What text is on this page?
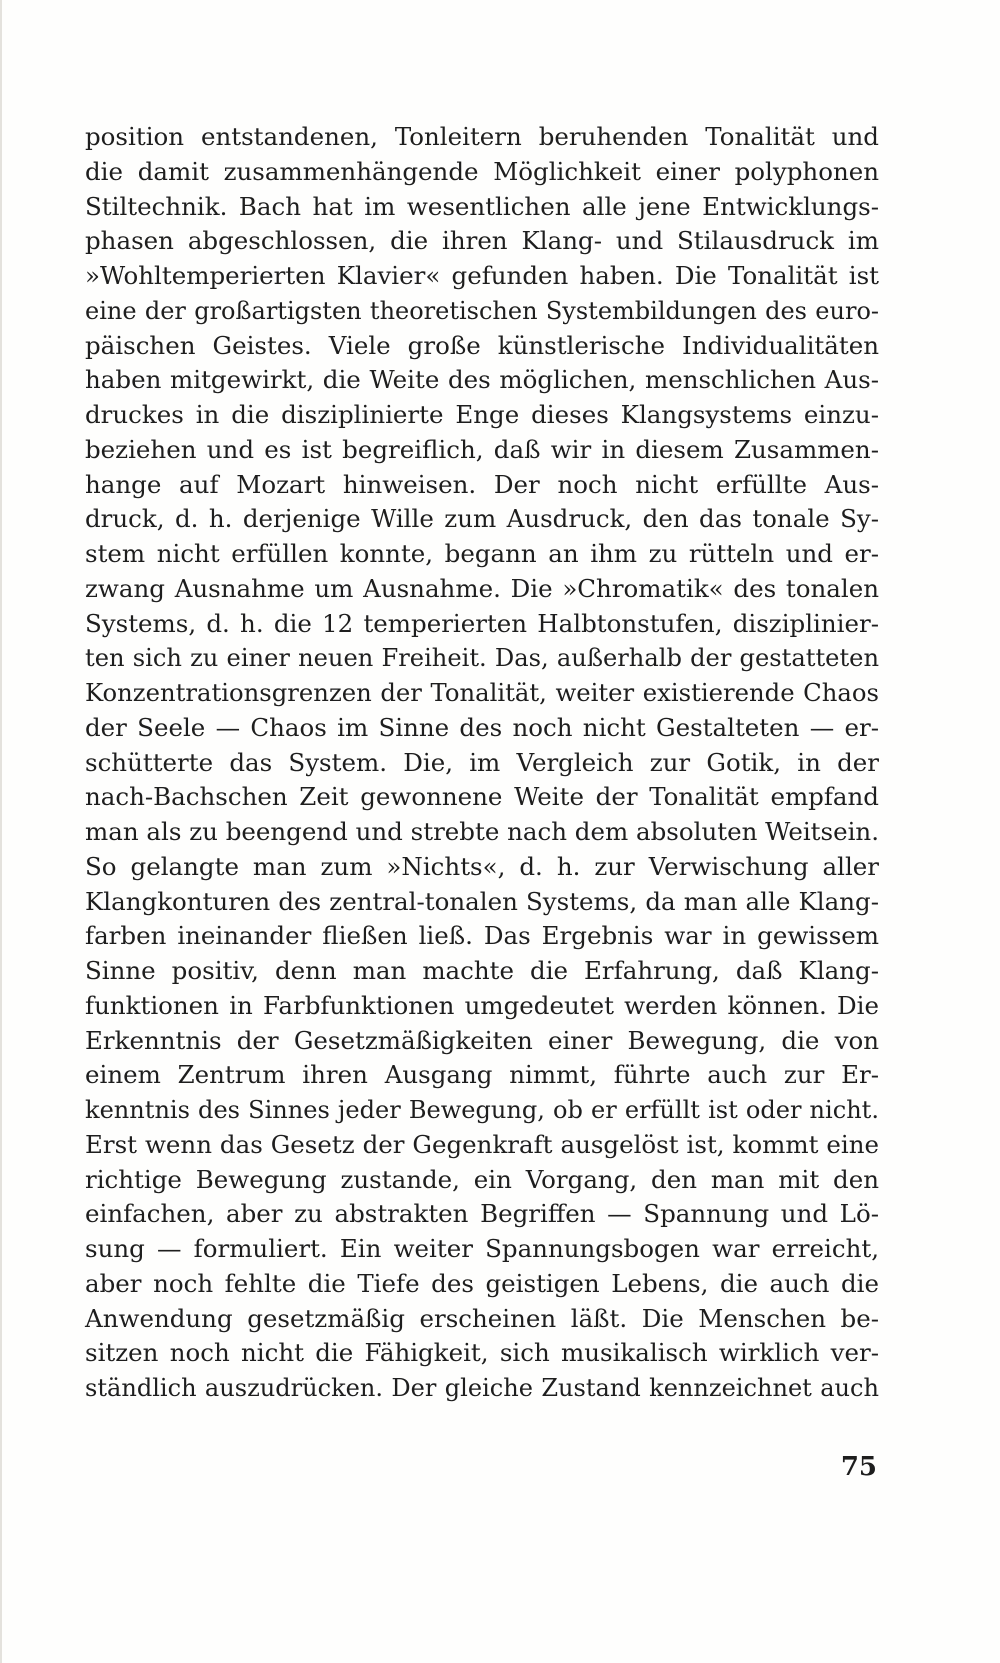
position entstandenen, Tonleitern beruhenden Tonalität und
die damit zusammenhängende Möglichkeit einer polyphonen
Stiltechnik. Bach hat im wesentlichen alle jene Entwicklungs-
phasen abgeschlossen, die ihren Klang- und Stilausdruck im
»Wohltemperierten Klavier« gefunden haben. Die Tonalität ist
eine der großartigsten theoretischen Systembildungen des euro-
päischen Geistes. Viele große künstlerische Individualitäten
haben mitgewirkt, die Weite des möglichen, menschlichen Aus-
druckes in die disziplinierte Enge dieses Klangsystems einzu-
beziehen und es ist begreiflich, daß wir in diesem Zusammen-
hange auf Mozart hinweisen. Der noch nicht erfüllte Aus-
druck, d. h. derjenige Wille zum Ausdruck, den das tonale Sy-
stem nicht erfüllen konnte, begann an ihm zu rütteln und er-
zwang Ausnahme um Ausnahme. Die »Chromatik« des tonalen
Systems, d. h. die 12 temperierten Halbtonstufen, disziplinier-
ten sich zu einer neuen Freiheit. Das, außerhalb der gestatteten
Konzentrationsgrenzen der Tonalität, weiter existierende Chaos
der Seele — Chaos im Sinne des noch nicht Gestalteten — er-
schütterte das System. Die, im Vergleich zur Gotik, in der
nach-Bachschen Zeit gewonnene Weite der Tonalität empfand
man als zu beengend und strebte nach dem absoluten Weitsein.
So gelangte man zum »Nichts«, d. h. zur Verwischung aller
Klangkonturen des zentral-tonalen Systems, da man alle Klang-
farben ineinander fließen ließ. Das Ergebnis war in gewissem
Sinne positiv, denn man machte die Erfahrung, daß Klang-
funktionen in Farbfunktionen umgedeutet werden können. Die
Erkenntnis der Gesetzmäßigkeiten einer Bewegung, die von
einem Zentrum ihren Ausgang nimmt, führte auch zur Er-
kenntnis des Sinnes jeder Bewegung, ob er erfüllt ist oder nicht.
Erst wenn das Gesetz der Gegenkraft ausgelöst ist, kommt eine
richtige Bewegung zustande, ein Vorgang, den man mit den
einfachen, aber zu abstrakten Begriffen — Spannung und Lö-
sung — formuliert. Ein weiter Spannungsbogen war erreicht,
aber noch fehlte die Tiefe des geistigen Lebens, die auch die
Anwendung gesetzmäßig erscheinen läßt. Die Menschen be-
sitzen noch nicht die Fähigkeit, sich musikalisch wirklich ver-
ständlich auszudrücken. Der gleiche Zustand kennzeichnet auch
75
